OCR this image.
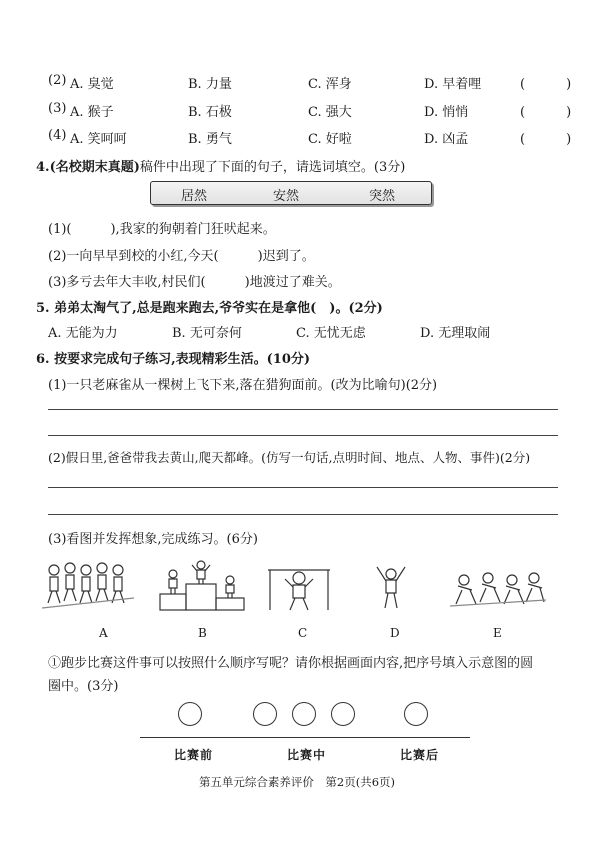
(2) A. 臭觉	B. 力量	C. 浑身	D. 早着哩	(　)
(3) A. 猴子	B. 石极	C. 强大	D. 悄悄	(　)
(4) A. 笑呵呵	B. 勇气	C. 好啦	D. 凶孟	(　)
4.(名校期末真题)稿件中出现了下面的句子，请选词填空。(3分)
居然	安然	突然
(1)(　　　),我家的狗朝着门狂吠起来。
(2)一向早早到校的小红,今天(　　　)迟到了。
(3)多亏去年大丰收,村民们(　　　)地渡过了难关。
5. 弟弟太淘气了,总是跑来跑去,爷爷实在是拿他(　)。(2分)
A. 无能为力	B. 无可奈何	C. 无忧无虑	D. 无理取闹
6. 按要求完成句子练习,表现精彩生活。(10分)
(1)一只老麻雀从一棵树上飞下来,落在猎狗面前。(改为比喻句)(2分)
(2)假日里,爸爸带我去黄山,爬天都峰。(仿写一句话,点明时间、地点、人物、事件)(2分)
(3)看图并发挥想象,完成练习。(6分)
A	B	C	D	E
①跑步比赛这件事可以按照什么顺序写呢？请你根据画面内容,把序号填入示意图的圆
圈中。(3分)
比赛前	比赛中	比赛后
第五单元综合素养评价　第2页(共6页)
